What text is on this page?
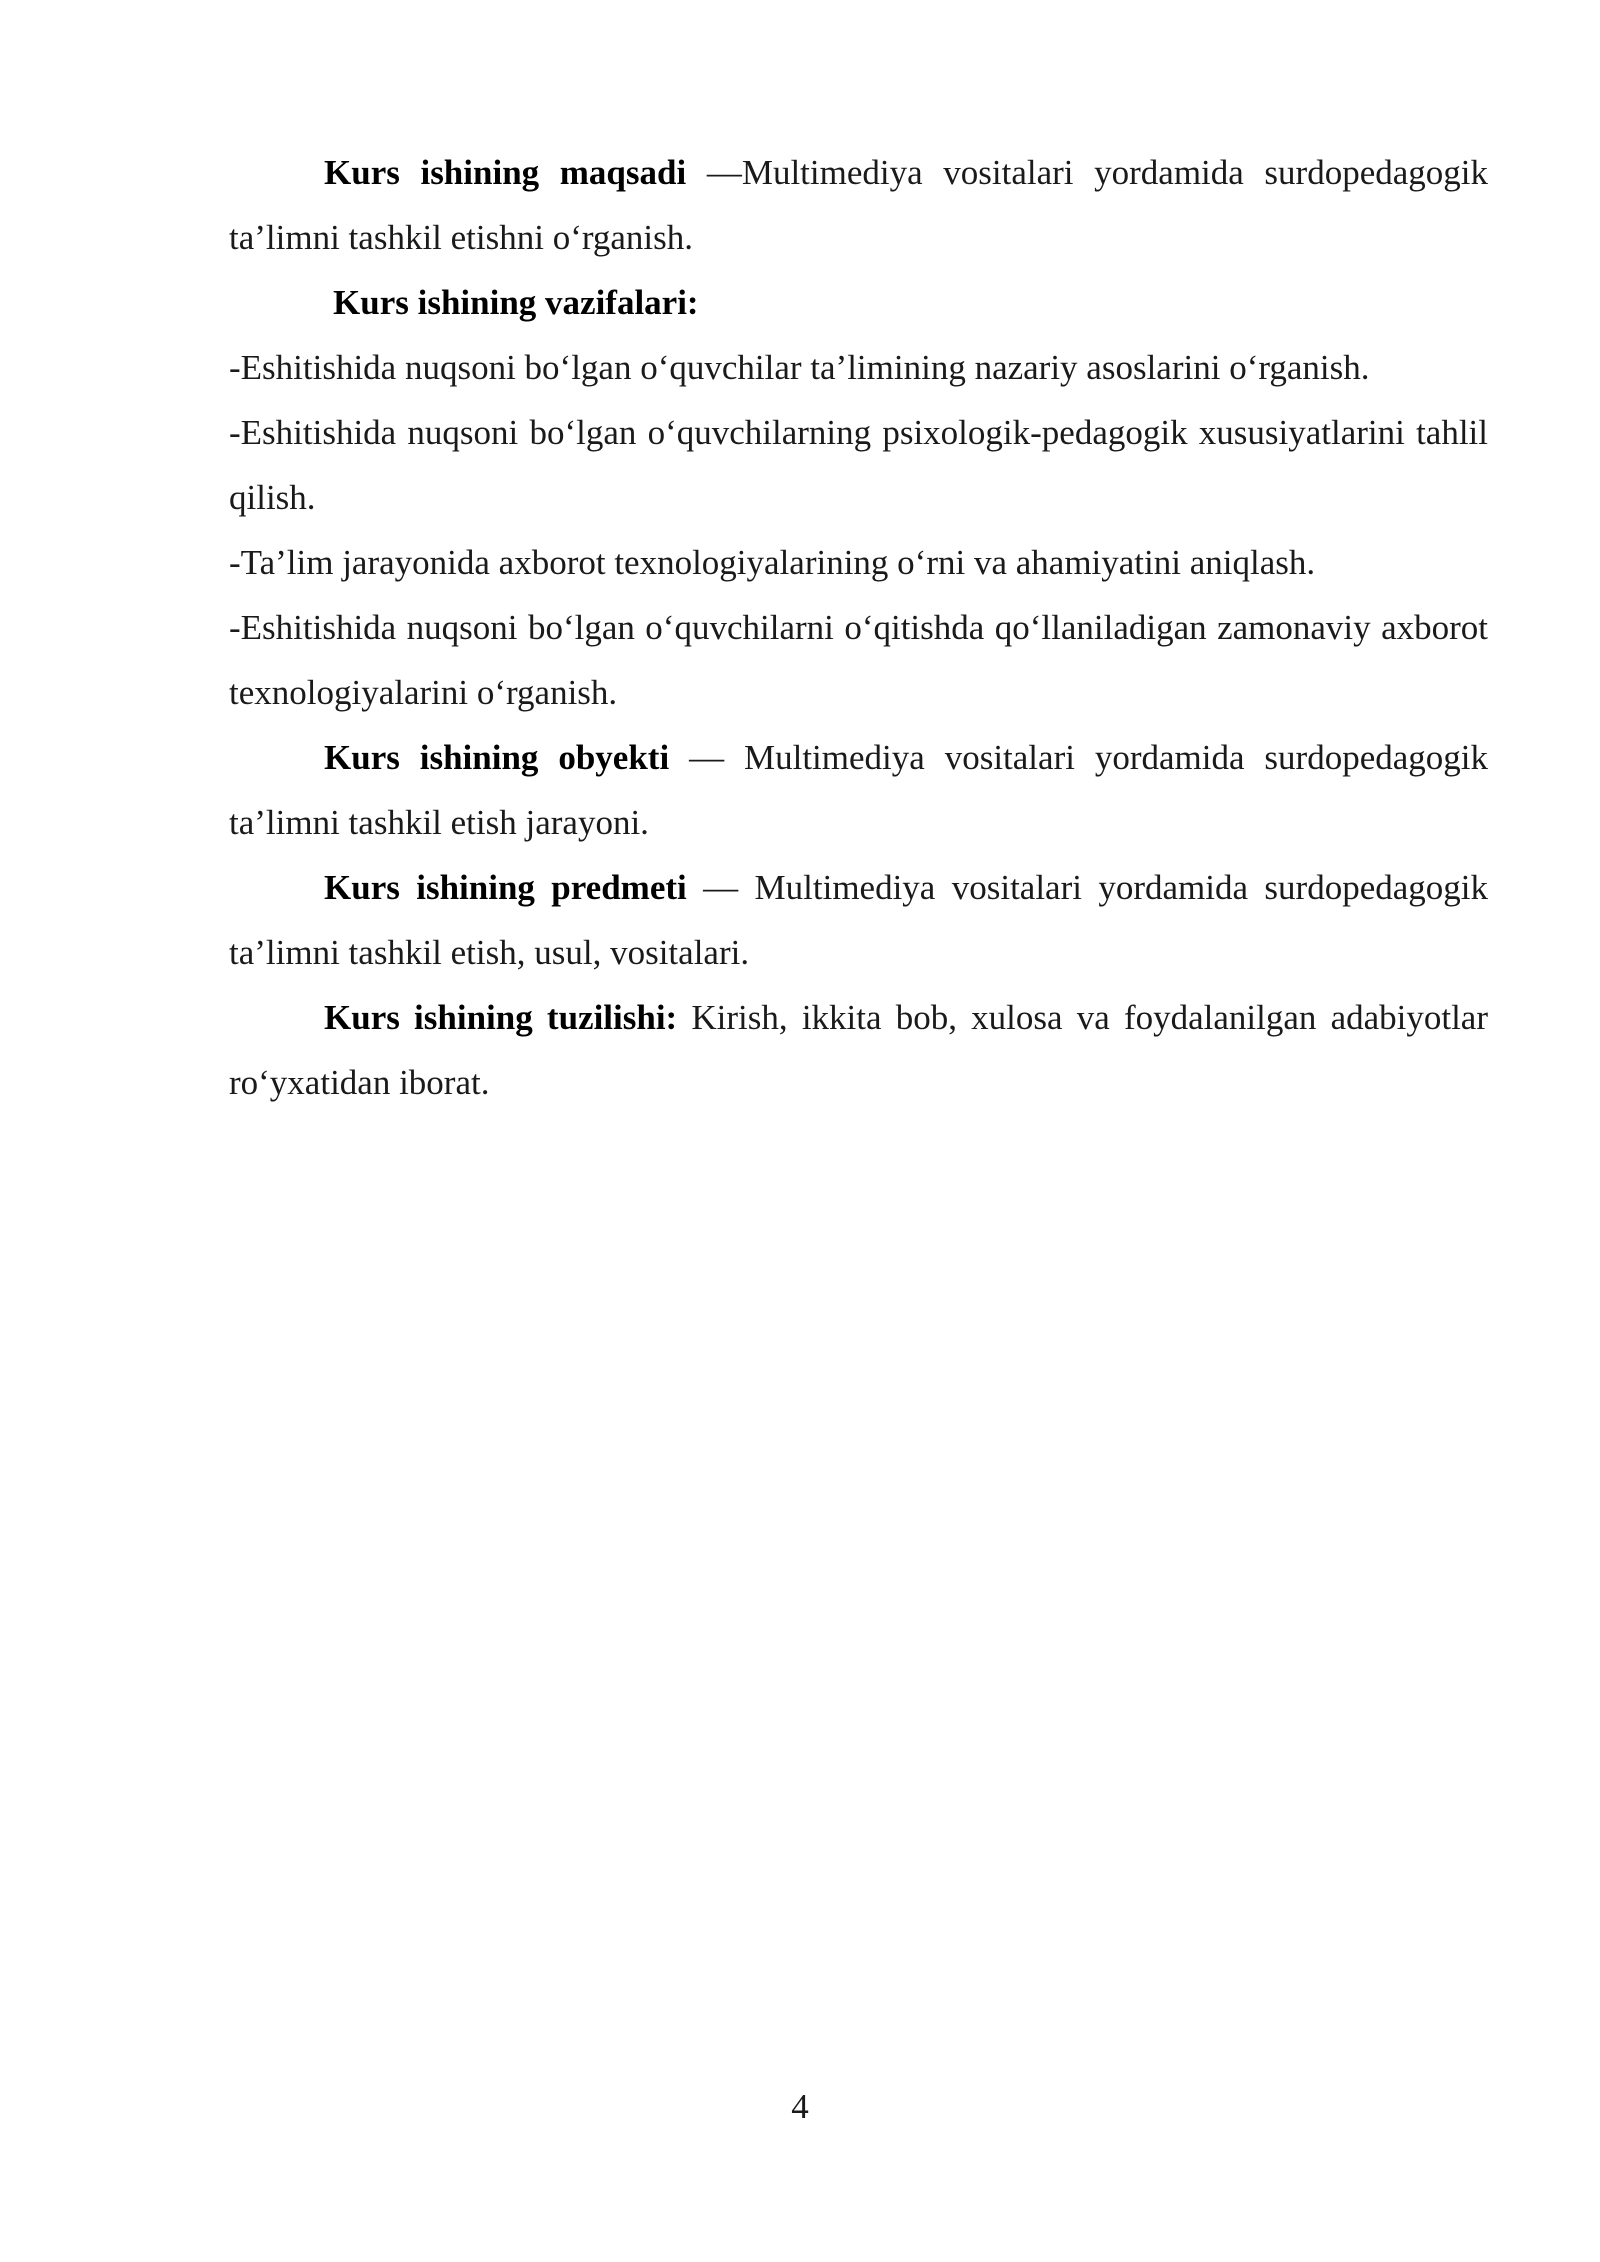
Kurs ishining maqsadi —Multimediya vositalari yordamida surdopedagogik ta’limni tashkil etishni o‘rganish.

Kurs ishining vazifalari:

-Eshitishida nuqsoni bo‘lgan o‘quvchilar ta’limining nazariy asoslarini o‘rganish.

-Eshitishida nuqsoni bo‘lgan o‘quvchilarning psixologik-pedagogik xususiyatlarini tahlil qilish.

-Ta’lim jarayonida axborot texnologiyalarining o‘rni va ahamiyatini aniqlash.

-Eshitishida nuqsoni bo‘lgan o‘quvchilarni o‘qitishda qo‘llaniladigan zamonaviy axborot texnologiyalarini o‘rganish.

Kurs ishining obyekti — Multimediya vositalari yordamida surdopedagogik ta’limni tashkil etish jarayoni.

Kurs ishining predmeti — Multimediya vositalari yordamida surdopedagogik ta’limni tashkil etish, usul, vositalari.

Kurs ishining tuzilishi: Kirish, ikkita bob, xulosa va foydalanilgan adabiyotlar ro‘yxatidan iborat.

4
